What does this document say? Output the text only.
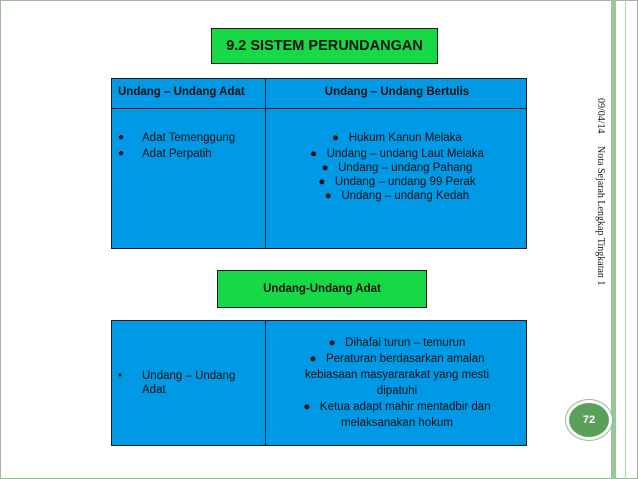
09/04/14
Nota Sejarah Lengkap Tingkatan 1
9.2 SISTEM PERUNDANGAN
Undang – Undang Adat	Undang – Undang Bertulis
● Adat Temenggung
● Adat Perpatih
●   Hukum Kanun Melaka
●   Undang – undang Laut Melaka
●   Undang – undang Pahang
●   Undang – undang 99 Perak
●   Undang – undang Kedah
Undang-Undang Adat
• Undang – Undang
Adat
●   Dihafal turun – temurun
●   Peraturan berdasarkan amalan
kebiasaan masyararakat yang mesti
dipatuhi
●   Ketua adapt mahir mentadbir dan
melaksanakan hokum	72
